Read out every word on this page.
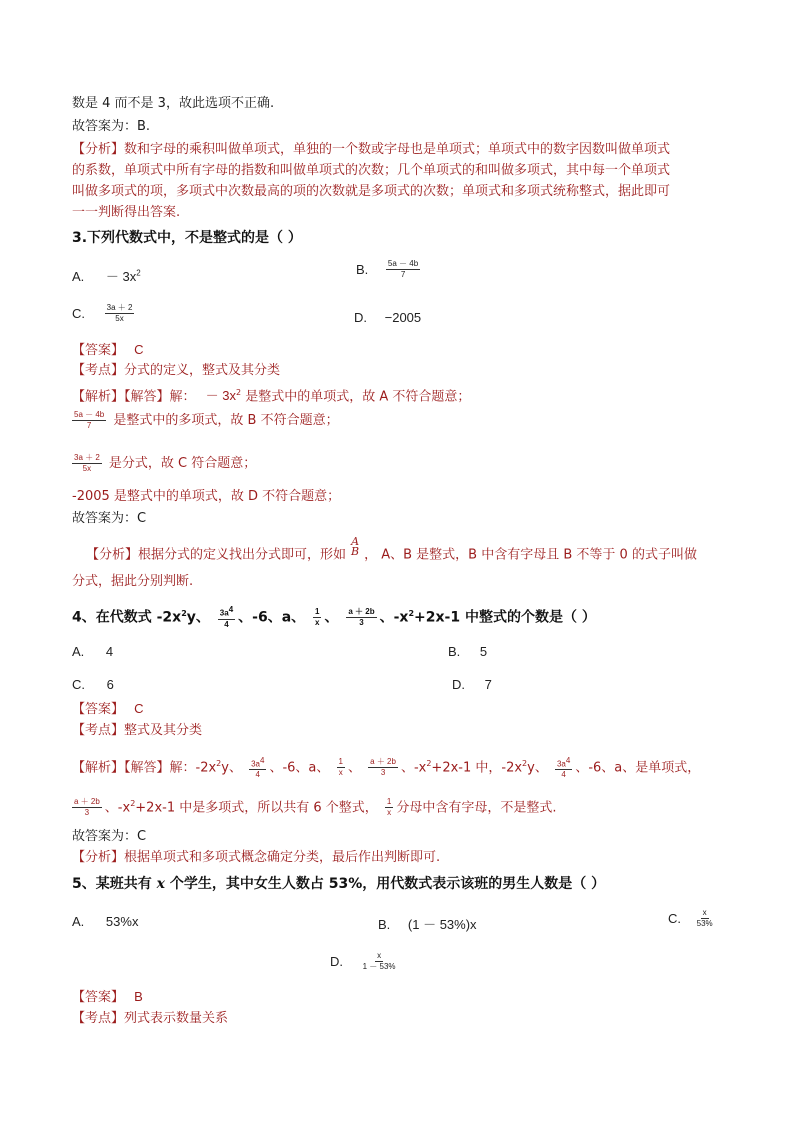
数是 4 而不是 3，故此选项不正确.
故答案为：B.
【分析】数和字母的乘积叫做单项式，单独的一个数或字母也是单项式；单项式中的数字因数叫做单项式
的系数，单项式中所有字母的指数和叫做单项式的次数；几个单项式的和叫做多项式，其中每一个单项式
叫做多项式的项，多项式中次数最高的项的次数就是多项式的次数；单项式和多项式统称整式，据此即可
一一判断得出答案.
3.下列代数式中，不是整式的是（ ）
A. － $3x^2$	B. $\frac{5a - 4b}{7}$
C. $\frac{3a + 2}{5x}$	D. −2005
【答案】 C
【考点】分式的定义，整式及其分类
【解析】【解答】解： － $3x^2$ 是整式中的单项式，故 A 不符合题意；
$\frac{5a - 4b}{7}$ 是整式中的多项式，故 B 不符合题意；
$\frac{3a + 2}{5x}$ 是分式，故 C 符合题意；
-2005 是整式中的单项式，故 D 不符合题意；
故答案为：C
【分析】根据分式的定义找出分式即可，形如
A
B ， A、B 是整式，B 中含有字母且 B 不等于 0 的式子叫做
分式，据此分别判断.
4、在代数式 $-2x^2y$、 $\frac{3a^4}{4}$ 、-6、a、 $\frac{1}{x}$ 、 $\frac{a + 2b}{3}$ 、$-x^2+2x-1$ 中整式的个数是（ ）
A. 4	B. 5
C. 6	D. 7
【答案】 C
【考点】整式及其分类
【解析】【解答】解：$-2x^2y$、 $\frac{3a^4}{4}$ 、-6、a、 $\frac{1}{x}$ 、 $\frac{a + 2b}{3}$ 、$-x^2+2x-1$ 中，$-2x^2y$、 $\frac{3a^4}{4}$ 、-6、a、是单项式，
$\frac{a + 2b}{3}$ 、$-x^2+2x-1$ 中是多项式，所以共有 6 个整式， $\frac{1}{x}$ 分母中含有字母，不是整式.
故答案为：C
【分析】根据单项式和多项式概念确定分类，最后作出判断即可.
5、某班共有 x 个学生，其中女生人数占 53%，用代数式表示该班的男生人数是（ ）
A. 53%x	B. (1 － 53%)x	C. $\frac{x}{53\%}$
D. $\frac{x}{1 - 53\%}$
【答案】 B
【考点】列式表示数量关系
